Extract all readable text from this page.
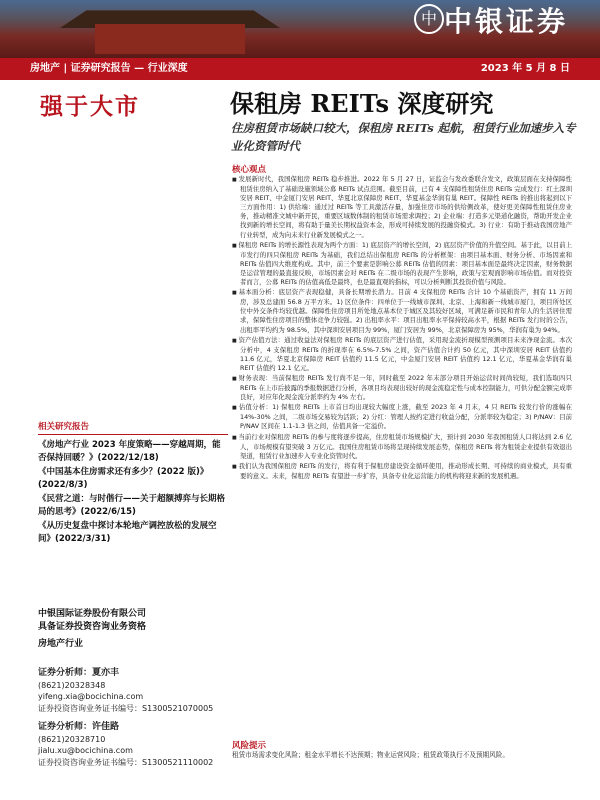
中 中银证券
房地产 | 证券研究报告 — 行业深度	2023 年 5 月 8 日
强于大市	保租房 REITs 深度研究
住房租赁市场缺口较大，保租房 REITs 起航，租赁行业加速步入专业化资管时代
核心观点

■ 发展新时代，我国保租房 REITs 稳步推进。2022 年 5 月 27 日，证监会与发改委联合发文，政策层面在支持保障性租赁住房纳入了基础设施领域公募 REITs 试点范围。截至目前，已有 4 支保障性租赁住房 REITs 完成发行：红土深圳安居 REIT、中金厦门安居 REIT、华夏北京保障房 REIT、华夏基金华润有巢 REIT。保障性 REITs 的推出将起到以下三方面作用：1) 供给端：通过过 REITs 等工具激活存量，加强住房市场的供给侧改革，使好更美保障性租赁住房业务，推动精准文城中新开民，重要区域数体制的租赁市场需求调控；2) 企业端：打造多元渠道化融资，帮助开发企业找到新的增长空间，将有助于量美长期权益资本金，形成可持续发展的投融资模式。3) 行业：有助于推动我国房地产行业转型，成为向未来行业新发展模式之一。

■ 保租房 REITs 的增长源性表现为两个方面：1) 底层资产的增长空间，2) 底层资产价值的升值空间。基于此，以目前上市发行的四只保租房 REITs 为基础，我们总结出保租房 REITs 的分析框架：由项目基本面、财务分析、市场因素和 REITs 估值四大维度构成。其中，前三个要素是影响公募 REITs 估值的因素：项目基本面是最终决定因素，财务数据是运营管理的最直接反映，市场因素会对 REITs 在二级市场的表现产生影响，政策与宏观面影响市场估值。而对投资者而言，公募 REITs 的估值高低是最终，也是最直观的指标，可以分析判断其投资价值与风险。

■ 基本面分析：底层资产表现稳健，具备长期增长潜力。目前 4 支保租房 REITs 合计 10 个基础资产，拥有 11 万间房，涉及总建面 56.8 万平方米。1) 区位条件：四单位于一线城市深圳、北京、上海和新一线城市厦门，项目所处区位中外交条件均较优越。保障性住房项目所处地点基本位于城区及其较好区域，可满足新市民和青年人的生活居住需求，保障性住房项目的整体竞争力较强。2) 出租率水平：项目出租率水平保持较高水平，根据 REITs 发行时的公告，出租率平均约为 98.5%，其中深圳安居项目为 99%，厦门安居为 99%，北京保障房为 95%，华润有巢为 94%。

■ 资产估值方法：通过收益法对保租房 REITs 的底层资产进行估值，采用现金流折现模型预测项目未来净现金流。本次分析中，4 支保租房 REITs 的折现率在 6.5%-7.5% 之间，资产估值合计约 50 亿元，其中深圳安居 REIT 估值约 11.6 亿元，华夏北京保障房 REIT 估值约 11.5 亿元，中金厦门安居 REIT 估值约 12.1 亿元，华夏基金华润有巢 REIT 估值约 12.1 亿元。

■ 财务表现：当前保租房 REITs 发行尚不足一年，同时截至 2022 年末部分项目开始运营时间尚较短，我们选取四只 REITs 在上市后披露的季报数据进行分析，各项目均表现出较好的现金流稳定性与成本控制能力，可供分配金额完成率良好，对应年化现金流分派率约为 4% 左右。

■ 估值分析：1) 保租房 REITs 上市首日均出现较大幅度上涨，截至 2023 年 4 月末，4 只 REITs 较发行价的涨幅在 14%-30% 之间，二级市场交易较为活跃；2) 分红：管理人按约定进行收益分配，分派率较为稳定；3) P/NAV：目前 P/NAV 区间在 1.1-1.3 倍之间，估值具备一定溢价。

■ 当前行业对保租房 REITs 的参与度将逐步提高，住房租赁市场规模扩大，预计到 2030 年我国租赁人口将达到 2.6 亿人，市场规模有望突破 3 万亿元。我国住房租赁市场将呈现持续发展态势，保租房 REITs 将为租赁企业提供有效退出渠道，租赁行业加速步入专业化资管时代。

■ 我们认为我国保租房 REITs 的发行，将有利于保租房建设资金循环使用，推动形成长期、可持续的商业模式，具有重要的意义。未来，保租房 REITs 有望进一步扩容，具备专业化运营能力的机构将迎来新的发展机遇。

风险提示
租赁市场需求变化风险；租金水平增长不达预期；物业运营风险；租赁政策执行不及预期风险。
相关研究报告
《房地产行业 2023 年度策略——穿越周期，能否保持回暖？》(2022/12/18)
《中国基本住房需求还有多少？(2022 版)》(2022/8/3)
《民营之道：与时偕行——关于超额搏弈与长期格局的思考》(2022/6/15)
《从历史复盘中探讨本轮地产调控放松的发展空间》(2022/3/31)
中银国际证券股份有限公司
具备证券投资咨询业务资格
房地产行业
证券分析师：夏亦丰
(8621)20328348
yifeng.xia@bocichina.com
证券投资咨询业务证书编号：S1300521070005
证券分析师：许佳路
(8621)20328710
jialu.xu@bocichina.com
证券投资咨询业务证书编号：S1300521110002
